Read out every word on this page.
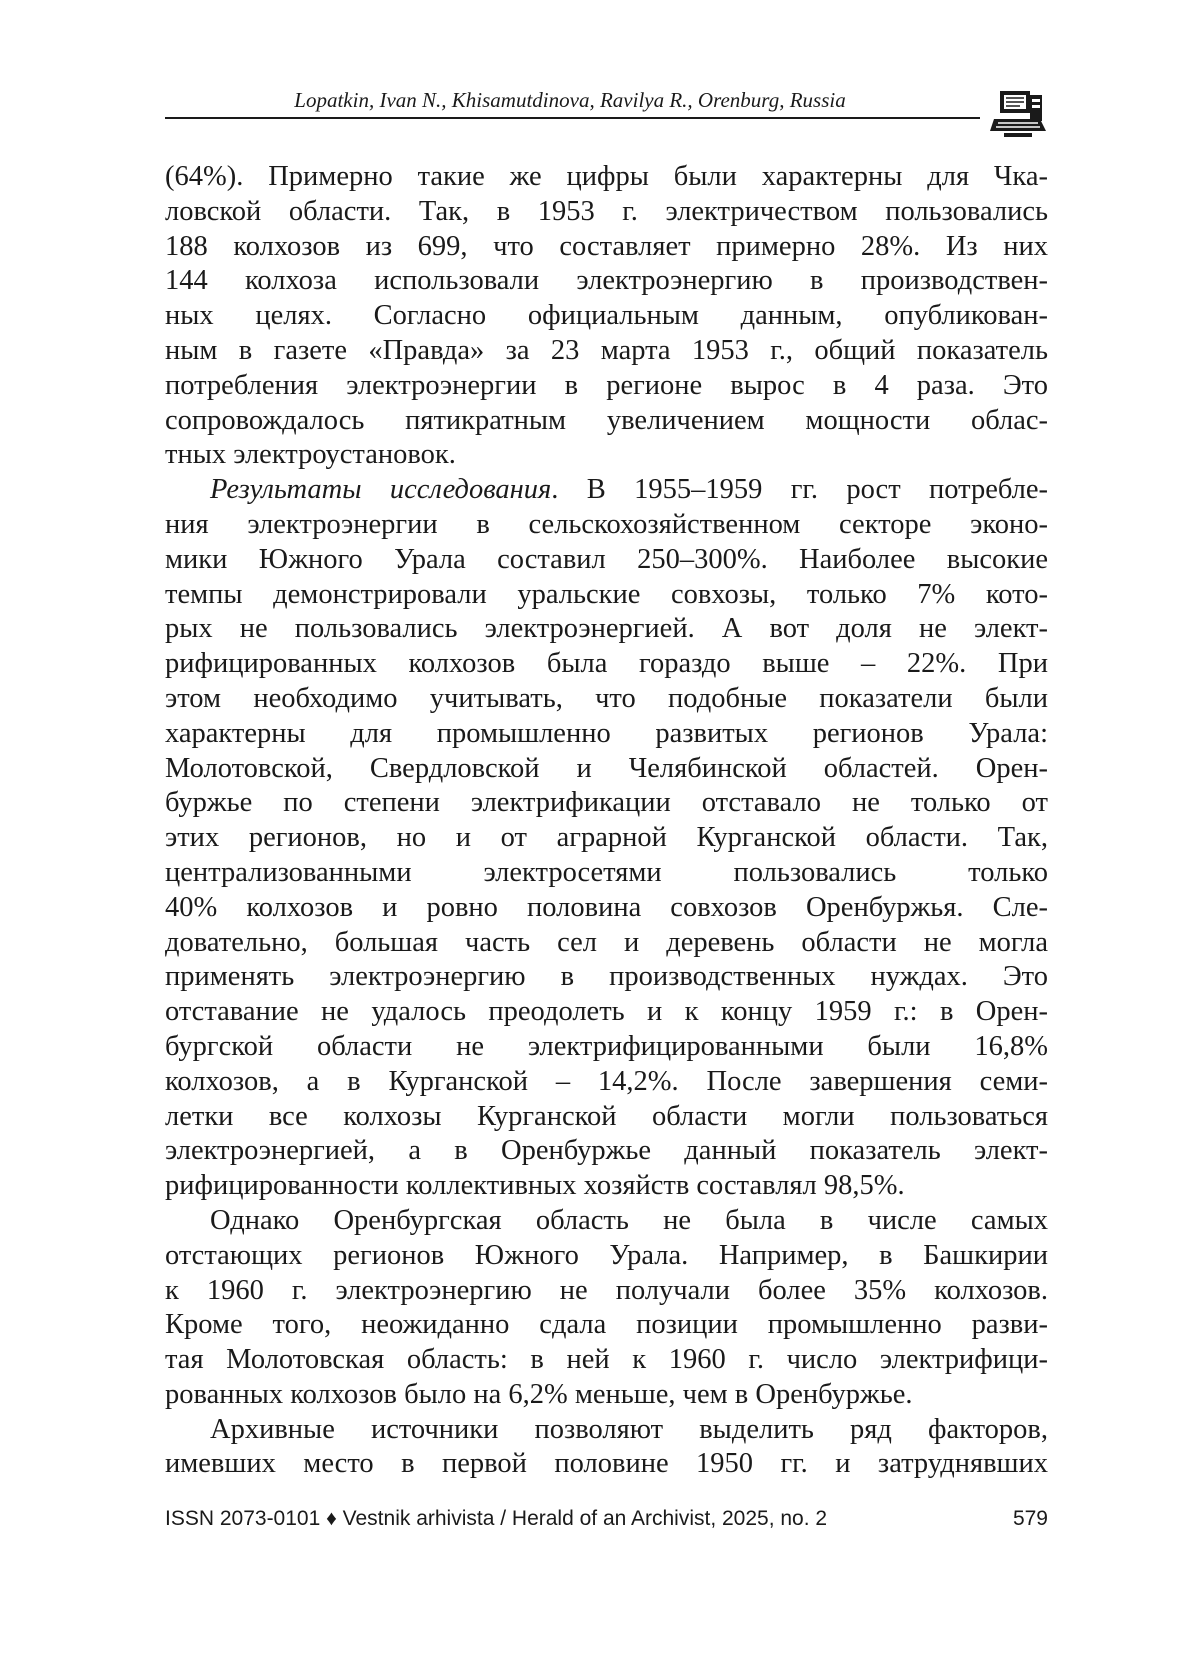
Lopatkin, Ivan N., Khisamutdinova, Ravilya R., Orenburg, Russia
(64%). Примерно такие же цифры были характерны для Чка-
ловской области. Так, в 1953 г. электричеством пользовались
188 колхозов из 699, что составляет примерно 28%. Из них
144 колхоза использовали электроэнергию в производствен-
ных целях. Согласно официальным данным, опубликован-
ным в газете «Правда» за 23 марта 1953 г., общий показатель
потребления электроэнергии в регионе вырос в 4 раза. Это
сопровождалось пятикратным увеличением мощности облас-
тных электроустановок.
Результаты исследования. В 1955–1959 гг. рост потребле-
ния электроэнергии в сельскохозяйственном секторе эконо-
мики Южного Урала составил 250–300%. Наиболее высокие
темпы демонстрировали уральские совхозы, только 7% кото-
рых не пользовались электроэнергией. А вот доля не элект-
рифицированных колхозов была гораздо выше – 22%. При
этом необходимо учитывать, что подобные показатели были
характерны для промышленно развитых регионов Урала:
Молотовской, Свердловской и Челябинской областей. Орен-
буржье по степени электрификации отставало не только от
этих регионов, но и от аграрной Курганской области. Так,
централизованными электросетями пользовались только
40% колхозов и ровно половина совхозов Оренбуржья. Сле-
довательно, большая часть сел и деревень области не могла
применять электроэнергию в производственных нуждах. Это
отставание не удалось преодолеть и к концу 1959 г.: в Орен-
бургской области не электрифицированными были 16,8%
колхозов, а в Курганской – 14,2%. После завершения семи-
летки все колхозы Курганской области могли пользоваться
электроэнергией, а в Оренбуржье данный показатель элект-
рифицированности коллективных хозяйств составлял 98,5%.
Однако Оренбургская область не была в числе самых
отстающих регионов Южного Урала. Например, в Башкирии
к 1960 г. электроэнергию не получали более 35% колхозов.
Кроме того, неожиданно сдала позиции промышленно разви-
тая Молотовская область: в ней к 1960 г. число электрифици-
рованных колхозов было на 6,2% меньше, чем в Оренбуржье.
Архивные источники позволяют выделить ряд факторов,
имевших место в первой половине 1950 гг. и затруднявших
ISSN 2073-0101 ♦ Vestnik arhivista / Herald of an Archivist, 2025, no. 2	579
